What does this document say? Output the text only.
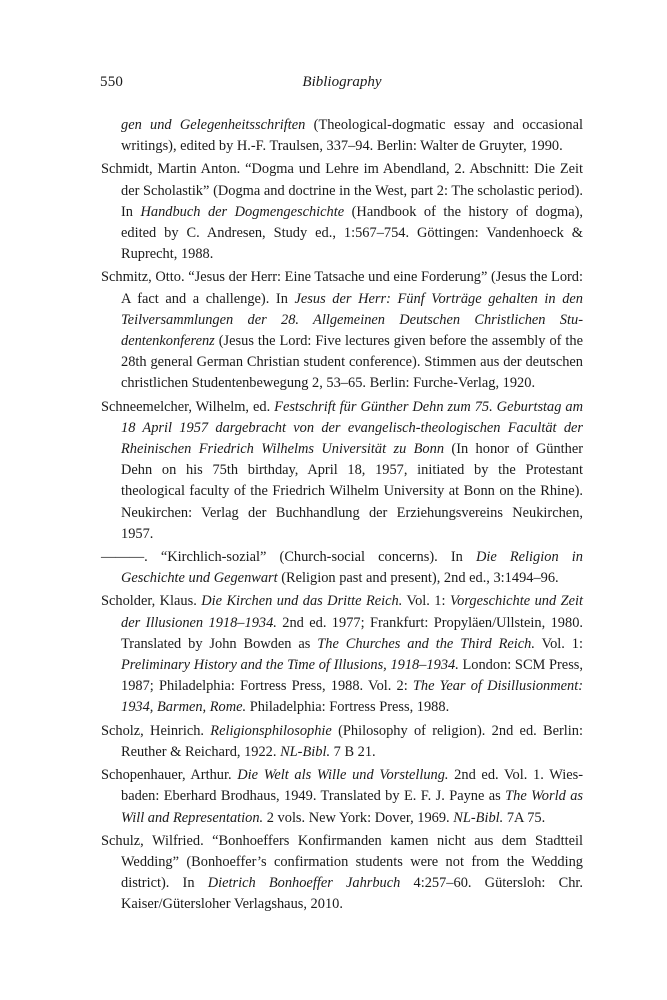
550	Bibliography

gen und Gelegenheitsschriften (Theological-dogmatic essay and occasional writings), edited by H.-F. Traulsen, 337–94. Berlin: Walter de Gruyter, 1990.

Schmidt, Martin Anton. “Dogma und Lehre im Abendland, 2. Abschnitt: Die Zeit der Scholastik” (Dogma and doctrine in the West, part 2: The scholastic period). In Handbuch der Dogmengeschichte (Handbook of the history of dogma), edited by C. Andresen, Study ed., 1:567–754. Göttingen: Vandenhoeck & Ruprecht, 1988.

Schmitz, Otto. “Jesus der Herr: Eine Tatsache und eine Forderung” (Jesus the Lord: A fact and a challenge). In Jesus der Herr: Fünf Vorträge gehalten in den Teilversammlungen der 28. Allgemeinen Deutschen Christlichen Studentenkonferenz (Jesus the Lord: Five lectures given before the assembly of the 28th general German Christian student conference). Stimmen aus der deutschen christlichen Studentenbewegung 2, 53–65. Berlin: Furche-Verlag, 1920.

Schneemelcher, Wilhelm, ed. Festschrift für Günther Dehn zum 75. Geburtstag am 18 April 1957 dargebracht von der evangelisch-theologischen Facultät der Rheinischen Friedrich Wilhelms Universität zu Bonn (In honor of Günther Dehn on his 75th birthday, April 18, 1957, initiated by the Protestant theological faculty of the Friedrich Wilhelm University at Bonn on the Rhine). Neukirchen: Verlag der Buchhandlung der Erziehungsvereins Neukirchen, 1957.

———. “Kirchlich-sozial” (Church-social concerns). In Die Religion in Geschichte und Gegenwart (Religion past and present), 2nd ed., 3:1494–96.

Scholder, Klaus. Die Kirchen und das Dritte Reich. Vol. 1: Vorgeschichte und Zeit der Illusionen 1918–1934. 2nd ed. 1977; Frankfurt: Propyläen/Ullstein, 1980. Translated by John Bowden as The Churches and the Third Reich. Vol. 1: Preliminary History and the Time of Illusions, 1918–1934. London: SCM Press, 1987; Philadelphia: Fortress Press, 1988. Vol. 2: The Year of Disillusionment: 1934, Barmen, Rome. Philadelphia: Fortress Press, 1988.

Scholz, Heinrich. Religionsphilosophie (Philosophy of religion). 2nd ed. Berlin: Reuther & Reichard, 1922. NL-Bibl. 7 B 21.

Schopenhauer, Arthur. Die Welt als Wille und Vorstellung. 2nd ed. Vol. 1. Wiesbaden: Eberhard Brodhaus, 1949. Translated by E. F. J. Payne as The World as Will and Representation. 2 vols. New York: Dover, 1969. NL-Bibl. 7A 75.

Schulz, Wilfried. “Bonhoeffers Konfirmanden kamen nicht aus dem Stadtteil Wedding” (Bonhoeffer’s confirmation students were not from the Wedding district). In Dietrich Bonhoeffer Jahrbuch 4:257–60. Gütersloh: Chr. Kaiser/Gütersloher Verlagshaus, 2010.
